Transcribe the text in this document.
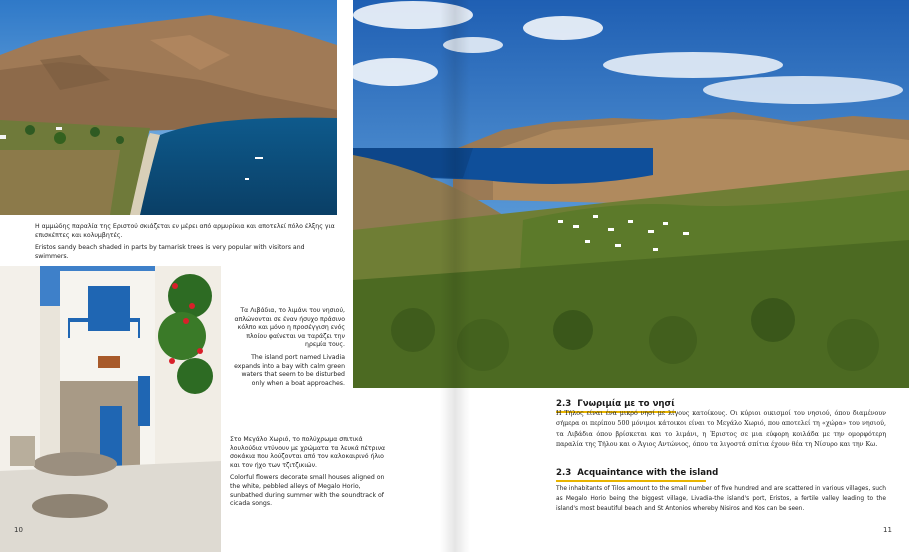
Η αμμώδης παραλία της Εριστού σκιάζεται εν μέρει από αρμυρίκια και αποτελεί πόλο έλξης για επισκέπτες και κολυμβητές.

Eristos sandy beach shaded in parts by tamarisk trees is very popular with visitors and swimmers.

Τα Λιβάδια, το λιμάνι του νησιού, απλώνονται σε έναν ήσυχο πράσινο κόλπο και μόνο η προσέγγιση ενός πλοίου φαίνεται να ταράζει την ηρεμία τους.

The island port named Livadia expands into a bay with calm green waters that seem to be disturbed only when a boat approaches.

Στο Μεγάλο Χωριό, το πολύχρωμα σπιτικά λουλούδια ντύνουν με χρώματα τα λευκά πέτρινα σοκάκια που λούζονται από τον καλοκαιρινό ήλιο και τον ήχο των τζιτζικιών.

Colorful flowers decorate small houses aligned on the white, pebbled alleys of Megalo Horio, sunbathed during summer with the soundtrack of cicada songs.

10
2.3 Γνωριμία με το νησί
Η Τήλος είναι ένα μικρό νησί με λίγους κατοίκους. Οι κύριοι οικισμοί του νησιού, όπου διαμένουν σήμερα οι περίπου 500 μόνιμοι κάτοικοι είναι το Μεγάλο Χωριό, που αποτελεί τη «χώρα» του νησιού, τα Λιβάδια όπου βρίσκεται και το λιμάνι, η Έριστος σε μια εύφορη κοιλάδα με την ομορφότερη παραλία της Τήλου και ο Άγιος Αντώνιος, όπου τα λιγοστά σπίτια έχουν θέα τη Νίσυρο και την Κω.
2.3 Acquaintance with the island
The inhabitants of Tilos amount to the small number of five hundred and are scattered in various villages, such as Megalo Horio being the biggest village, Livadia-the island's port, Eristos, a fertile valley leading to the island's most beautiful beach and St Antonios whereby Nisiros and Kos can be seen.
11
